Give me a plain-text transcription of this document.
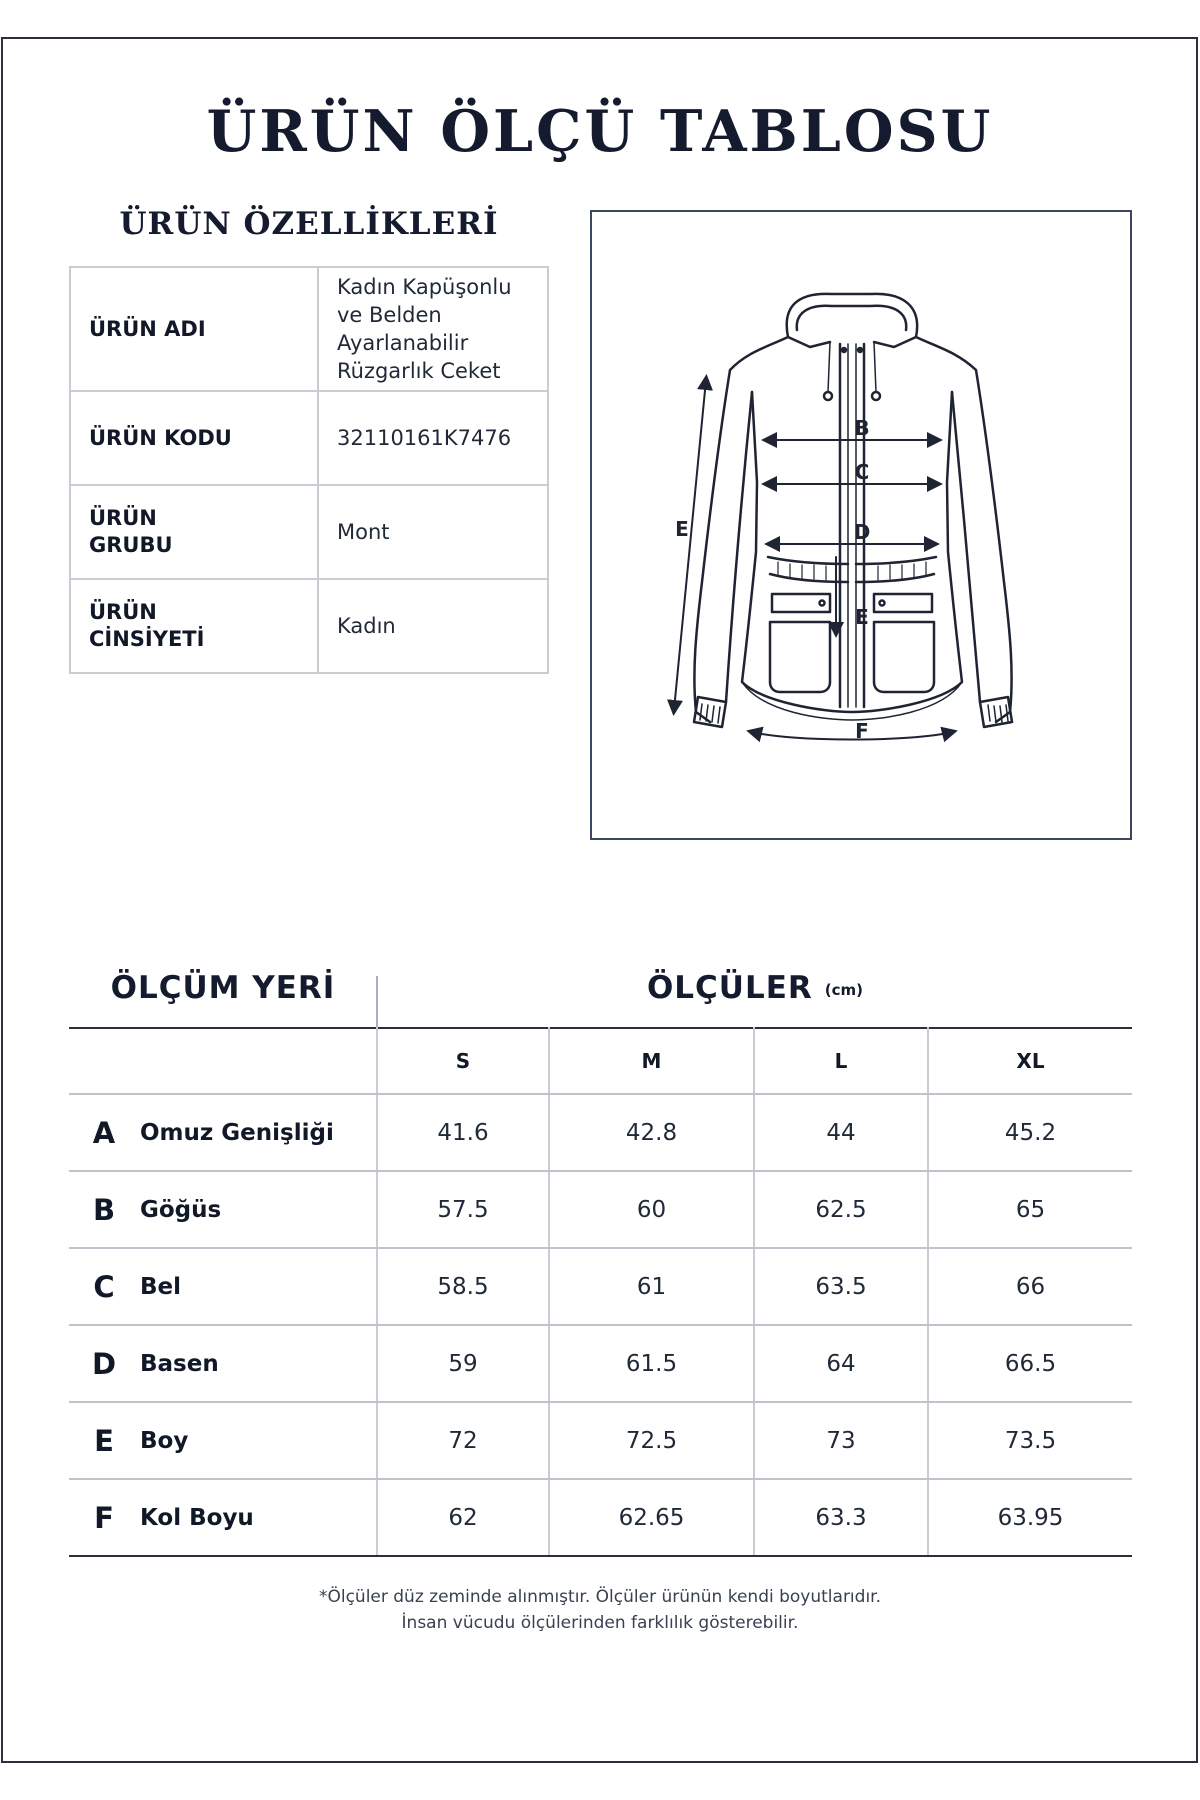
ÜRÜN ÖLÇÜ TABLOSU
ÜRÜN ÖZELLİKLERİ
ÜRÜN ADI	Kadın Kapüşonlu ve Belden Ayarlanabilir Rüzgarlık Ceket
ÜRÜN KODU	32110161K7476
ÜRÜN GRUBU	Mont
ÜRÜN CİNSİYETİ	Kadın
B
C
D
E
E
F
ÖLÇÜM YERİ	ÖLÇÜLER (cm)
		S	M	L	XL
A	Omuz Genişliği	41.6	42.8	44	45.2
B	Göğüs	57.5	60	62.5	65
C	Bel	58.5	61	63.5	66
D	Basen	59	61.5	64	66.5
E	Boy	72	72.5	73	73.5
F	Kol Boyu	62	62.65	63.3	63.95
*Ölçüler düz zeminde alınmıştır. Ölçüler ürünün kendi boyutlarıdır.
İnsan vücudu ölçülerinden farklılık gösterebilir.
